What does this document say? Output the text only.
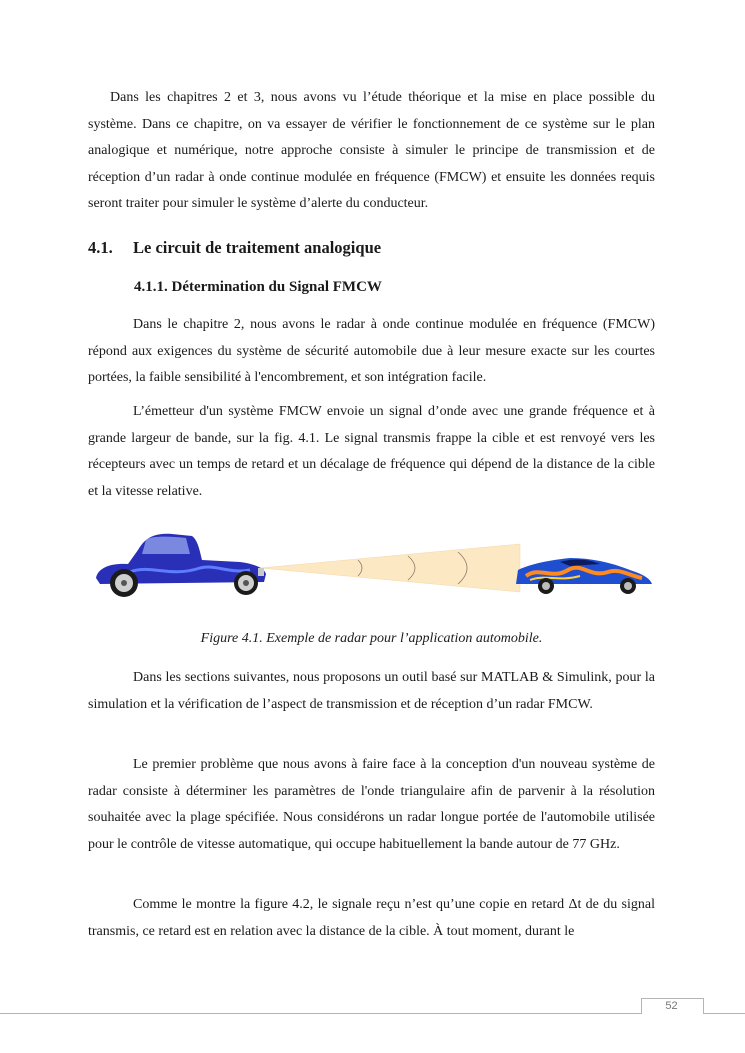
Dans les chapitres 2 et 3, nous avons vu l’étude théorique et la mise en place possible du système. Dans ce chapitre, on va essayer de vérifier le fonctionnement de ce système sur le plan analogique et numérique, notre approche consiste à simuler le principe de transmission et de réception d’un radar à onde continue modulée en fréquence (FMCW) et ensuite les données requis seront traiter pour simuler le système d’alerte du conducteur.

4.1. Le circuit de traitement analogique
4.1.1. Détermination du Signal FMCW

Dans le chapitre 2, nous avons le radar à onde continue modulée en fréquence (FMCW) répond aux exigences du système de sécurité automobile due à leur mesure exacte sur les courtes portées, la faible sensibilité à l'encombrement, et son intégration facile.

L’émetteur d'un système FMCW envoie un signal d’onde avec une grande fréquence et à grande largeur de bande, sur la fig. 4.1. Le signal transmis frappe la cible et est renvoyé vers les récepteurs avec un temps de retard et un décalage de fréquence qui dépend de la distance de la cible et la vitesse relative.

Figure 4.1. Exemple de radar pour l’application automobile.

Dans les sections suivantes, nous proposons un outil basé sur MATLAB & Simulink, pour la simulation et la vérification de l’aspect de transmission et de réception d’un radar FMCW.

Le premier problème que nous avons à faire face à la conception d'un nouveau système de radar consiste à déterminer les paramètres de l'onde triangulaire afin de parvenir à la résolution souhaitée avec la plage spécifiée. Nous considérons un radar longue portée de l'automobile utilisée pour le contrôle de vitesse automatique, qui occupe habituellement la bande autour de 77 GHz.

Comme le montre la figure 4.2, le signale reçu n’est qu’une copie en retard Δt de du signal transmis, ce retard est en relation avec la distance de la cible. À tout moment, durant le

52
